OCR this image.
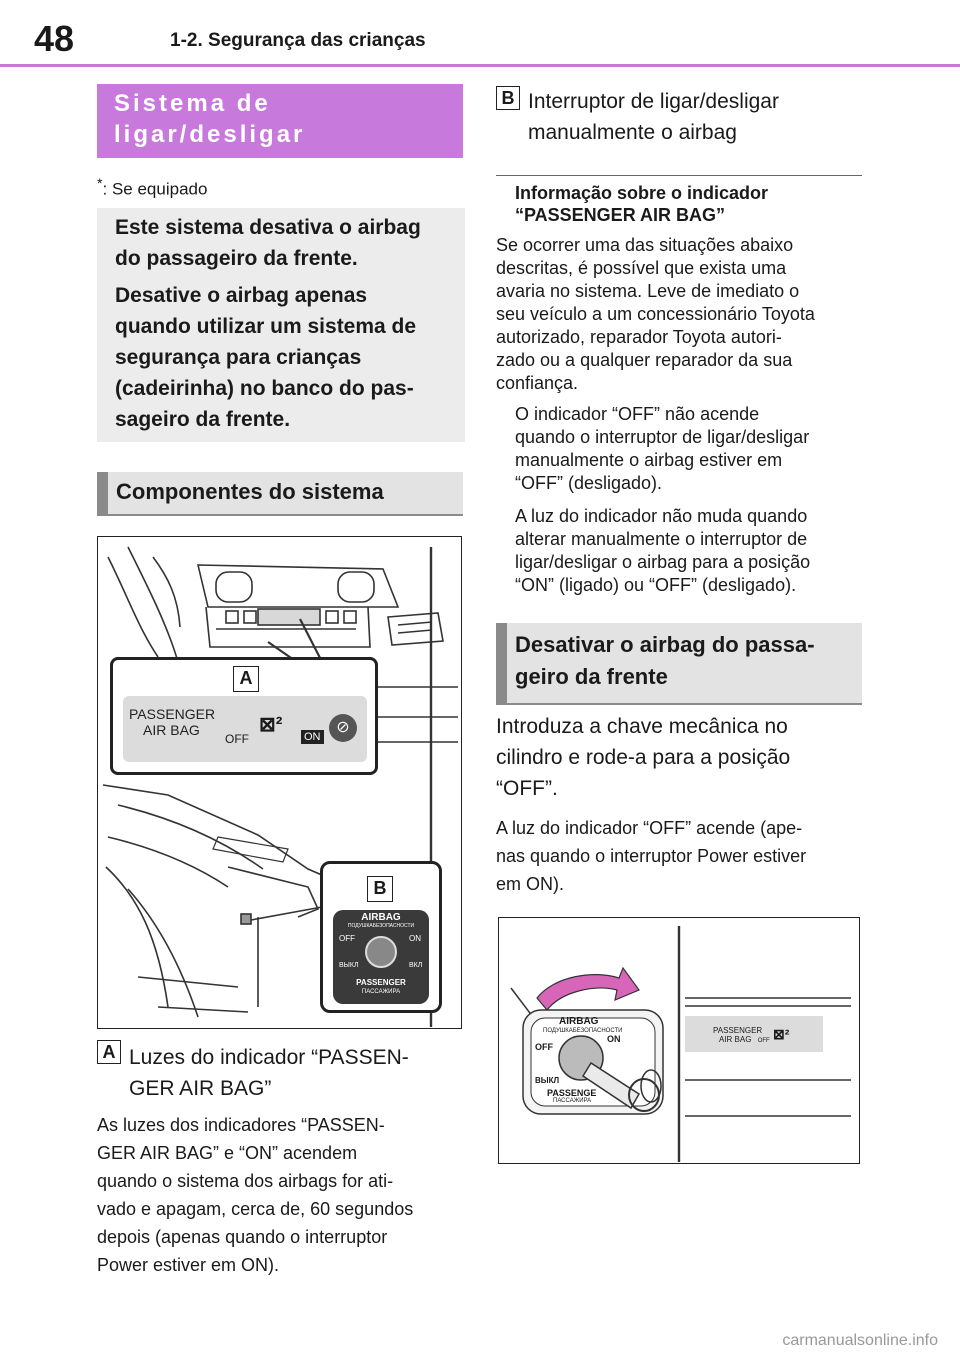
48	1-2. Segurança das crianças
Sistema de ligar/desligar
manualmente o airbag*
*: Se equipado

Este sistema desativa o airbag
do passageiro da frente.

Desative o airbag apenas
quando utilizar um sistema de
segurança para crianças
(cadeirinha) no banco do pas-
sageiro da frente.

Componentes do sistema
A
PASSENGER
AIR BAG
OFF
⊠²
ON
⊘
B
AIRBAG
ПОДУШКАБЕЗОПАСНОСТИ
OFF	ON
ВЫКЛ	ВКЛ
PASSENGER
ПАССАЖИРА
A Luzes do indicador “PASSEN-
GER AIR BAG”
As luzes dos indicadores “PASSEN-
GER AIR BAG” e “ON” acendem
quando o sistema dos airbags for ati-
vado e apagam, cerca de, 60 segundos
depois (apenas quando o interruptor
Power estiver em ON).
B Interruptor de ligar/desligar
manualmente o airbag
Informação sobre o indicador
“PASSENGER AIR BAG”
Se ocorrer uma das situações abaixo
descritas, é possível que exista uma
avaria no sistema. Leve de imediato o
seu veículo a um concessionário Toyota
autorizado, reparador Toyota autori-
zado ou a qualquer reparador da sua
confiança.
O indicador “OFF” não acende
quando o interruptor de ligar/desligar
manualmente o airbag estiver em
“OFF” (desligado).
A luz do indicador não muda quando
alterar manualmente o interruptor de
ligar/desligar o airbag para a posição
“ON” (ligado) ou “OFF” (desligado).
Desativar o airbag do passa-
geiro da frente
Introduza a chave mecânica no
cilindro e rode-a para a posição
“OFF”.
A luz do indicador “OFF” acende (ape-
nas quando o interruptor Power estiver
em ON).
AIRBAG
ПОДУШКАБЕЗОПАСНОСТИ
OFF
ON
ВЫКЛ
PASSENGE
ПАССАЖИРА
PASSENGER
AIR BAG OFF ⊠²
carmanualsonline.info
